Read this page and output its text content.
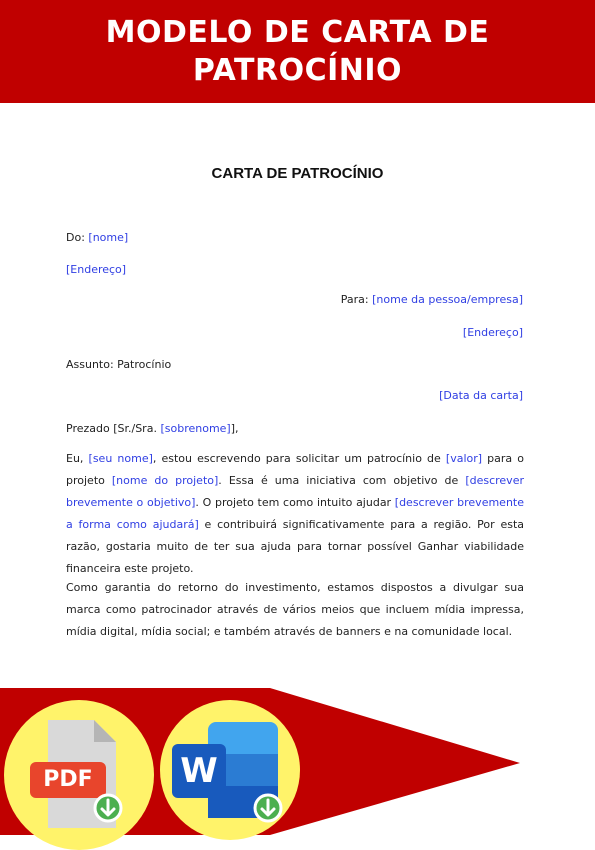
MODELO DE CARTA DE
PATROCÍNIO
CARTA DE PATROCÍNIO
Do: [nome]
[Endereço]
Para: [nome da pessoa/empresa]
[Endereço]
Assunto: Patrocínio
[Data da carta]
Prezado [Sr./Sra. [sobrenome]],
Eu, [seu nome], estou escrevendo para solicitar um patrocínio de [valor] para o projeto [nome do projeto]. Essa é uma iniciativa com objetivo de [descrever brevemente o objetivo]. O projeto tem como intuito ajudar [descrever brevemente a forma como ajudará] e contribuirá significativamente para a região. Por esta razão, gostaria muito de ter sua ajuda para tornar possível Ganhar viabilidade financeira este projeto.
Como garantia do retorno do investimento, estamos dispostos a divulgar sua marca como patrocinador através de vários meios que incluem mídia impressa, mídia digital, mídia social; e também através de banners e na comunidade local.
PDF	W
